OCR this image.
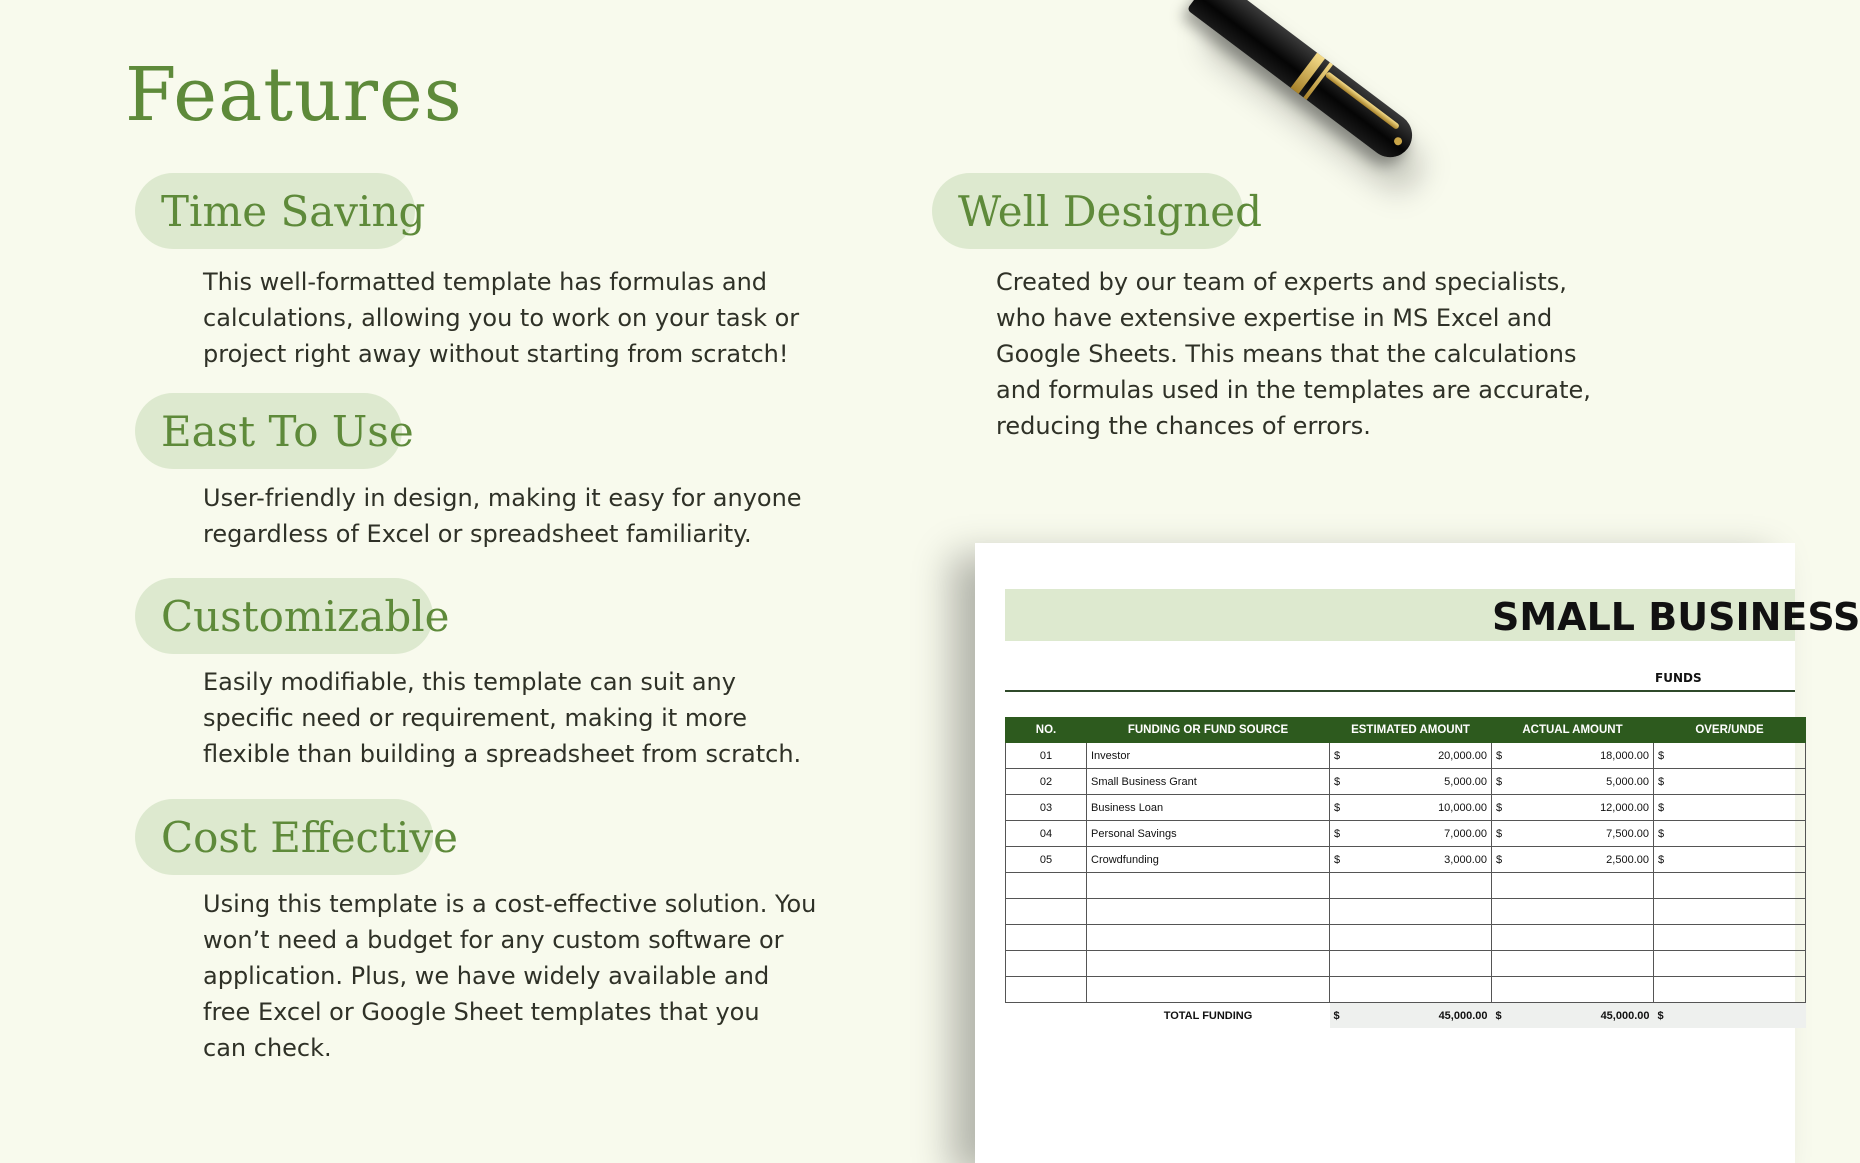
Features
Time Saving
This well-formatted template has formulas and
calculations, allowing you to work on your task or
project right away without starting from scratch!
East To Use
User-friendly in design, making it easy for anyone
regardless of Excel or spreadsheet familiarity.
Customizable
Easily modifiable, this template can suit any
specific need or requirement, making it more
flexible than building a spreadsheet from scratch.
Cost Effective
Using this template is a cost-effective solution. You
won’t need a budget for any custom software or
application. Plus, we have widely available and
free Excel or Google Sheet templates that you
can check.
Well Designed
Created by our team of experts and specialists,
who have extensive expertise in MS Excel and
Google Sheets. This means that the calculations
and formulas used in the templates are accurate,
reducing the chances of errors.
SMALL BUSINESS
FUNDS
NO.	FUNDING OR FUND SOURCE	ESTIMATED AMOUNT	ACTUAL AMOUNT	OVER/UNDE
01	Investor	$ 20,000.00	$ 18,000.00	$

02	Small Business Grant	$ 5,000.00	$ 5,000.00	$

03	Business Loan	$ 10,000.00	$ 12,000.00	$

04	Personal Savings	$ 7,000.00	$ 7,500.00	$

05	Crowdfunding	$ 3,000.00	$ 2,500.00	$

	TOTAL FUNDING	$ 45,000.00	$ 45,000.00	$
